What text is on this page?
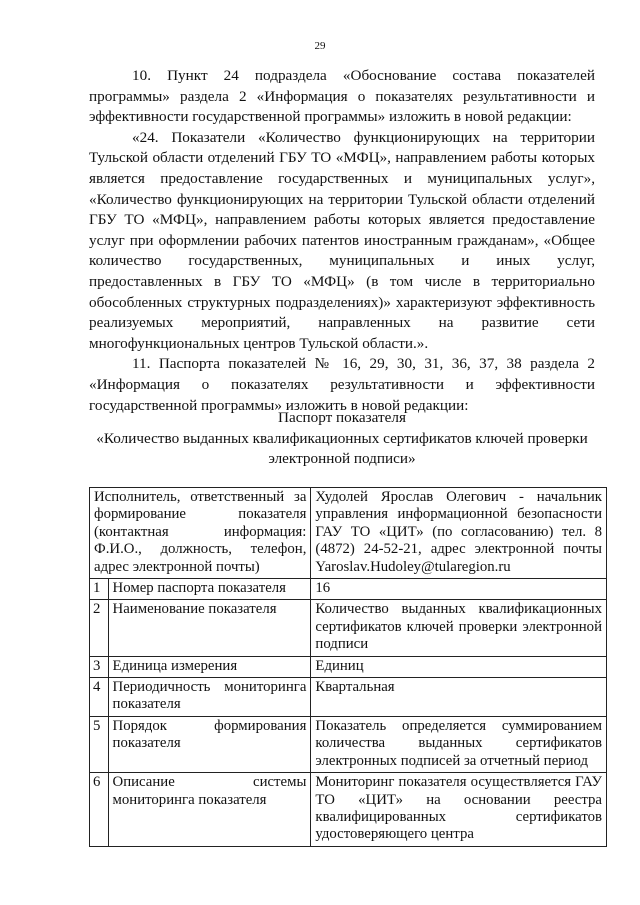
29

10. Пункт 24 подраздела «Обоснование состава показателей программы» раздела 2 «Информация о показателях результативности и эффективности государственной программы» изложить в новой редакции:

«24. Показатели «Количество функционирующих на территории Тульской области отделений ГБУ ТО «МФЦ», направлением работы которых является предоставление государственных и муниципальных услуг», «Количество функционирующих на территории Тульской области отделений ГБУ ТО «МФЦ», направлением работы которых является предоставление услуг при оформлении рабочих патентов иностранным гражданам», «Общее количество государственных, муниципальных и иных услуг, предоставленных в ГБУ ТО «МФЦ» (в том числе в территориально обособленных структурных подразделениях)» характеризуют эффективность реализуемых мероприятий, направленных на развитие сети многофункциональных центров Тульской области.».

11. Паспорта показателей № 16, 29, 30, 31, 36, 37, 38 раздела 2 «Информация о показателях результативности и эффективности государственной программы» изложить в новой редакции:

Паспорт показателя
«Количество выданных квалификационных сертификатов ключей проверки электронной подписи»
Исполнитель, ответственный за формирование показателя (контактная информация: Ф.И.О., должность, телефон, адрес электронной почты)		Худолей Ярослав Олегович - начальник управления информационной безопасности ГАУ ТО «ЦИТ» (по согласованию) тел. 8 (4872) 24-52-21, адрес электронной почты Yaroslav.Hudoley@tularegion.ru
1	Номер паспорта показателя	16
2	Наименование показателя	Количество выданных квалификационных сертификатов ключей проверки электронной подписи
3	Единица измерения	Единиц
4	Периодичность мониторинга показателя	Квартальная
5	Порядок формирования показателя	Показатель определяется суммированием количества выданных сертификатов электронных подписей за отчетный период
6	Описание системы мониторинга показателя	Мониторинг показателя осуществляется ГАУ ТО «ЦИТ» на основании реестра квалифицированных сертификатов удостоверяющего центра
